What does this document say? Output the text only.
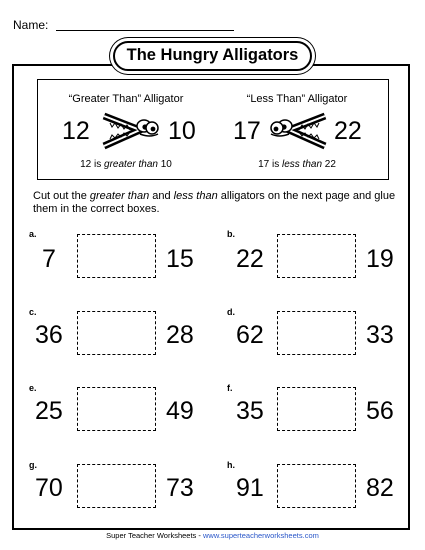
Name:
The Hungry Alligators
“Greater Than” Alligator
12	10
12 is greater than 10
“Less Than” Alligator
17	22
17 is less than 22
Cut out the greater than and less than alligators on the next page and glue them in the correct boxes.
a.
7	15
b.
22	19
c.
36	28
d.
62	33
e.
25	49
f.
35	56
g.
70	73
h.
91	82
Super Teacher Worksheets - www.superteacherworksheets.com
